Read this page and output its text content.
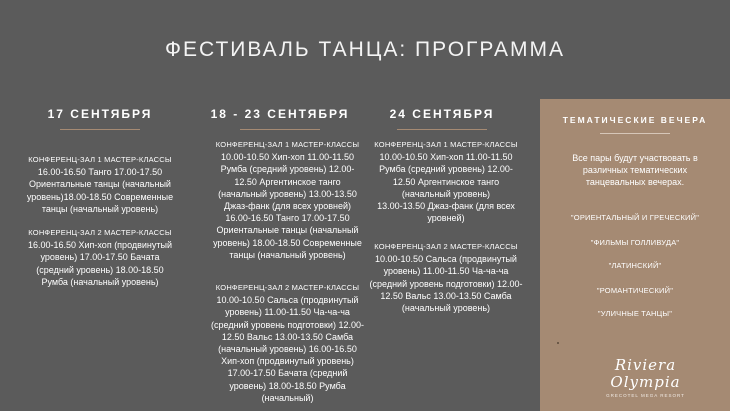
ФЕСТИВАЛЬ ТАНЦА: ПРОГРАММА
17 СЕНТЯБРЯ

КОНФЕРЕНЦ-ЗАЛ 1 МАСТЕР-КЛАССЫ
16.00-16.50 Танго 17.00-17.50
Ориентальные танцы (начальный
уровень)18.00-18.50 Современные
танцы (начальный уровень)

КОНФЕРЕНЦ-ЗАЛ 2 МАСТЕР-КЛАССЫ
16.00-16.50 Хип-хоп (продвинутый
уровень) 17.00-17.50 Бачата
(средний уровень) 18.00-18.50
Румба (начальный уровень)

18 - 23 СЕНТЯБРЯ

КОНФЕРЕНЦ-ЗАЛ 1 МАСТЕР-КЛАССЫ
10.00-10.50 Хип-хоп 11.00-11.50
Румба (средний уровень) 12.00-
12.50 Аргентинское танго
(начальный уровень) 13.00-13.50
Джаз-фанк (для всех уровней)
16.00-16.50 Танго 17.00-17.50
Ориентальные танцы (начальный
уровень) 18.00-18.50 Современные
танцы (начальный уровень)

КОНФЕРЕНЦ-ЗАЛ 2 МАСТЕР-КЛАССЫ
10.00-10.50 Сальса (продвинутый
уровень) 11.00-11.50 Ча-ча-ча
(средний уровень подготовки) 12.00-
12.50 Вальс 13.00-13.50 Самба
(начальный уровень) 16.00-16.50
Хип-хоп (продвинутый уровень)
17.00-17.50 Бачата (средний
уровень) 18.00-18.50 Румба
(начальный)

24 СЕНТЯБРЯ

КОНФЕРЕНЦ-ЗАЛ 1 МАСТЕР-КЛАССЫ
10.00-10.50 Хип-хоп 11.00-11.50
Румба (средний уровень) 12.00-
12.50 Аргентинское танго
(начальный уровень)
13.00-13.50 Джаз-фанк (для всех
уровней)

КОНФЕРЕНЦ-ЗАЛ 2 МАСТЕР-КЛАССЫ
10.00-10.50 Сальса (продвинутый
уровень) 11.00-11.50 Ча-ча-ча
(средний уровень подготовки) 12.00-
12.50 Вальс 13.00-13.50 Самба
(начальный уровень)

ТЕМАТИЧЕСКИЕ ВЕЧЕРА
Все пары будут участвовать в различных тематических танцевальных вечерах.
"ОРИЕНТАЛЬНЫЙ И ГРЕЧЕСКИЙ"
"ФИЛЬМЫ ГОЛЛИВУДА"
"ЛАТИНСКИЙ"
"РОМАНТИЧЕСКИЙ"
"УЛИЧНЫЕ ТАНЦЫ"
Riviera Olympia
GRECOTEL MEGA RESORT
